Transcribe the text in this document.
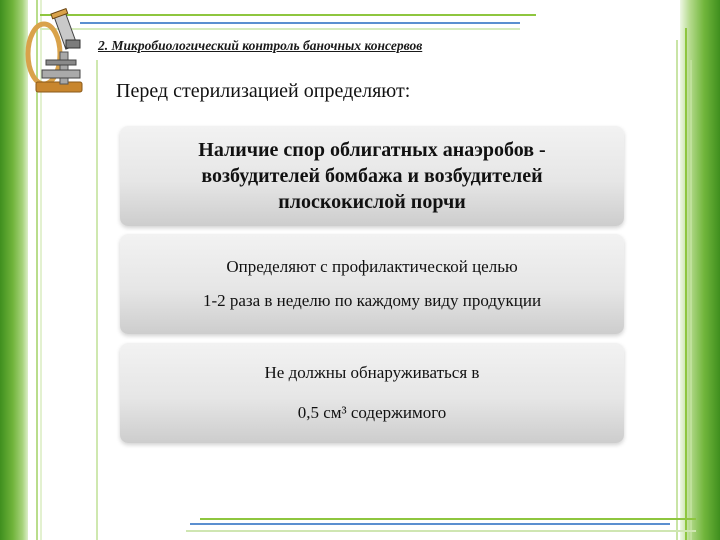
2. Микробиологический контроль баночных консервов
Перед стерилизацией определяют:
Наличие спор облигатных анаэробов -
возбудителей бомбажа и возбудителей
плоскокислой порчи
Определяют с профилактической целью
1-2 раза в неделю по каждому виду продукции
Не должны обнаруживаться в
0,5 см³ содержимого
